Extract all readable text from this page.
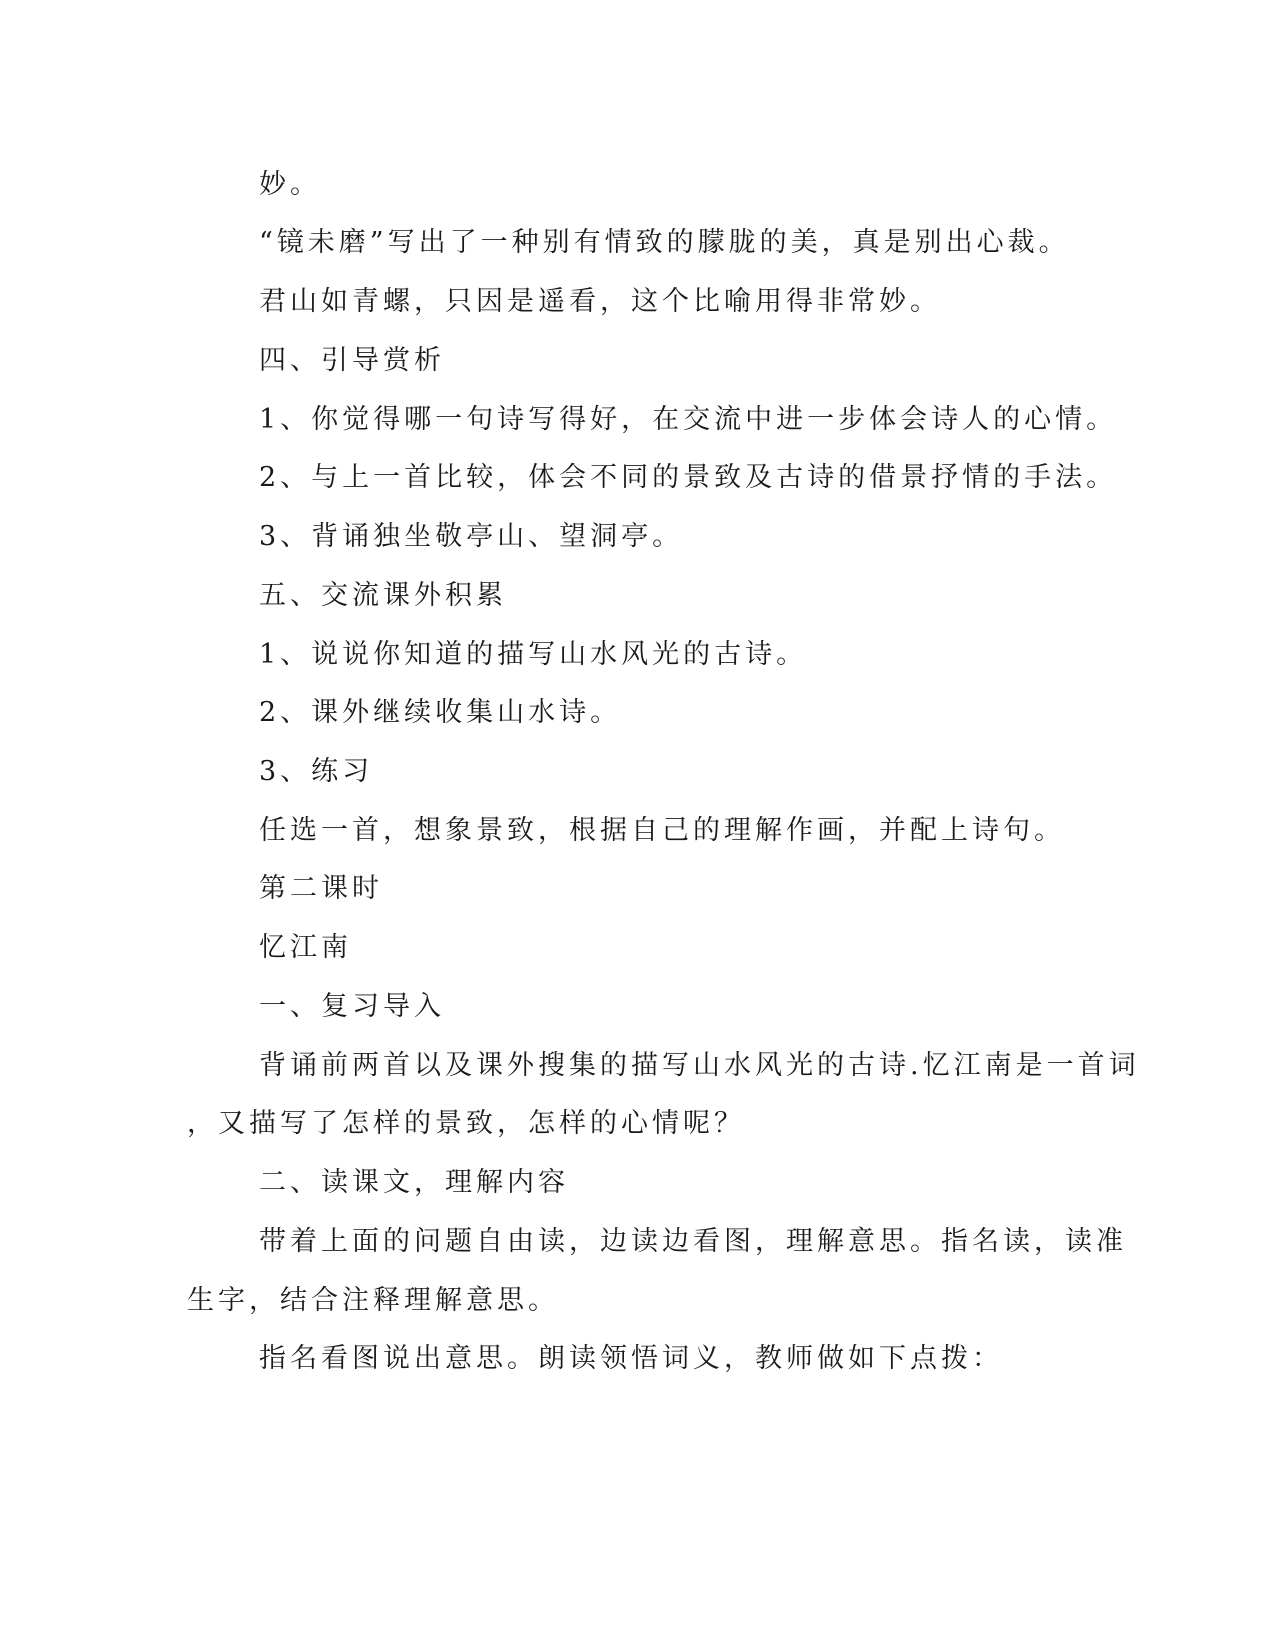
妙。
“镜未磨”写出了一种别有情致的朦胧的美，真是别出心裁。
君山如青螺，只因是遥看，这个比喻用得非常妙。
四、引导赏析
1、你觉得哪一句诗写得好，在交流中进一步体会诗人的心情。
2、与上一首比较，体会不同的景致及古诗的借景抒情的手法。
3、背诵独坐敬亭山、望洞亭。
五、交流课外积累
1、说说你知道的描写山水风光的古诗。
2、课外继续收集山水诗。
3、练习
任选一首，想象景致，根据自己的理解作画，并配上诗句。
第二课时
忆江南
一、复习导入
背诵前两首以及课外搜集的描写山水风光的古诗.忆江南是一首词
，又描写了怎样的景致，怎样的心情呢？
二、读课文，理解内容
带着上面的问题自由读，边读边看图，理解意思。指名读，读准
生字，结合注释理解意思。
指名看图说出意思。朗读领悟词义，教师做如下点拨：
